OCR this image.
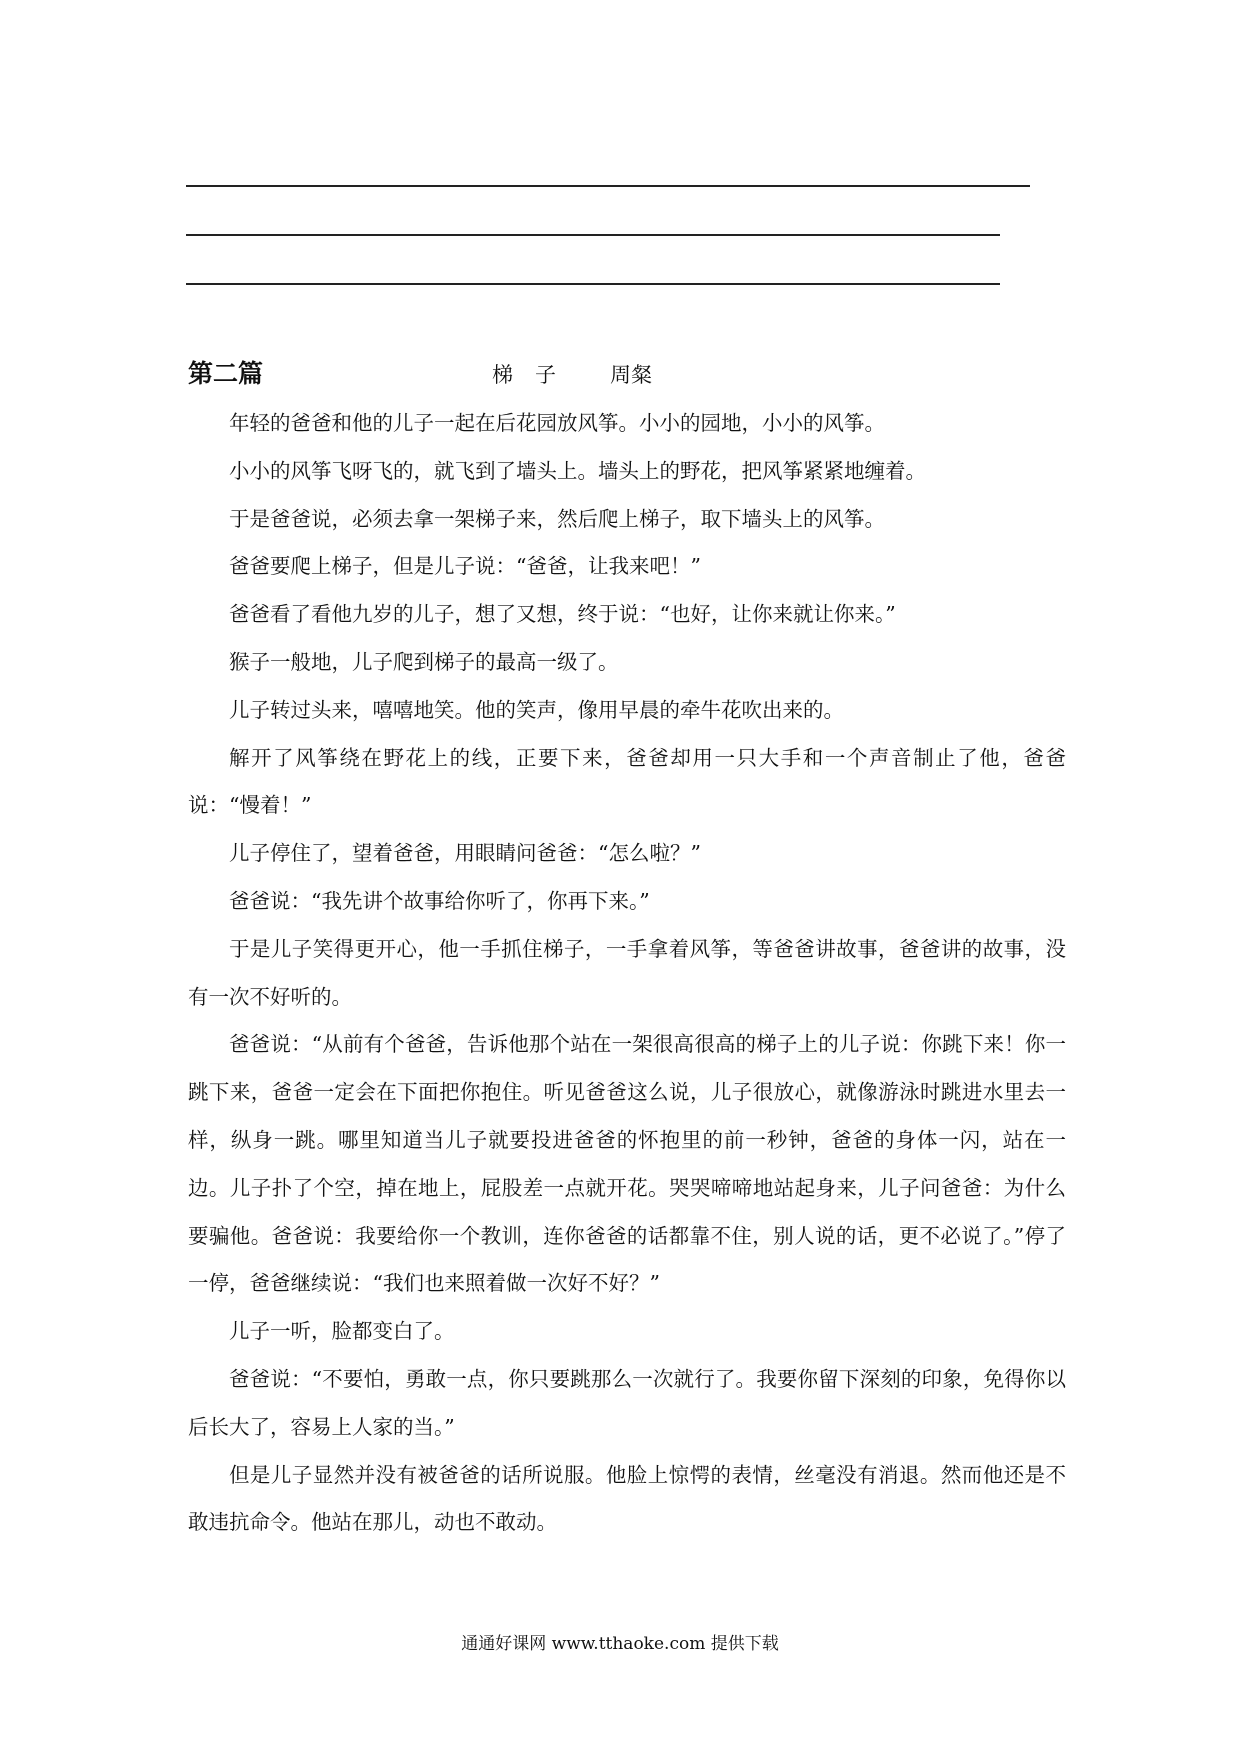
第二篇	梯子 周粲

年轻的爸爸和他的儿子一起在后花园放风筝。小小的园地，小小的风筝。

小小的风筝飞呀飞的，就飞到了墙头上。墙头上的野花，把风筝紧紧地缠着。

于是爸爸说，必须去拿一架梯子来，然后爬上梯子，取下墙头上的风筝。

爸爸要爬上梯子，但是儿子说：“爸爸，让我来吧！”

爸爸看了看他九岁的儿子，想了又想，终于说：“也好，让你来就让你来。”

猴子一般地，儿子爬到梯子的最高一级了。

儿子转过头来，嘻嘻地笑。他的笑声，像用早晨的牵牛花吹出来的。

解开了风筝绕在野花上的线，正要下来，爸爸却用一只大手和一个声音制止了他，爸爸说：“慢着！”

儿子停住了，望着爸爸，用眼睛问爸爸：“怎么啦？”

爸爸说：“我先讲个故事给你听了，你再下来。”

于是儿子笑得更开心，他一手抓住梯子，一手拿着风筝，等爸爸讲故事，爸爸讲的故事，没有一次不好听的。

爸爸说：“从前有个爸爸，告诉他那个站在一架很高很高的梯子上的儿子说：你跳下来！你一跳下来，爸爸一定会在下面把你抱住。听见爸爸这么说，儿子很放心，就像游泳时跳进水里去一样，纵身一跳。哪里知道当儿子就要投进爸爸的怀抱里的前一秒钟，爸爸的身体一闪，站在一边。儿子扑了个空，掉在地上，屁股差一点就开花。哭哭啼啼地站起身来，儿子问爸爸：为什么要骗他。爸爸说：我要给你一个教训，连你爸爸的话都靠不住，别人说的话，更不必说了。”停了一停，爸爸继续说：“我们也来照着做一次好不好？”

儿子一听，脸都变白了。

爸爸说：“不要怕，勇敢一点，你只要跳那么一次就行了。我要你留下深刻的印象，免得你以后长大了，容易上人家的当。”

但是儿子显然并没有被爸爸的话所说服。他脸上惊愕的表情，丝毫没有消退。然而他还是不敢违抗命令。他站在那儿，动也不敢动。

通通好课网 www.tthaoke.com 提供下载
